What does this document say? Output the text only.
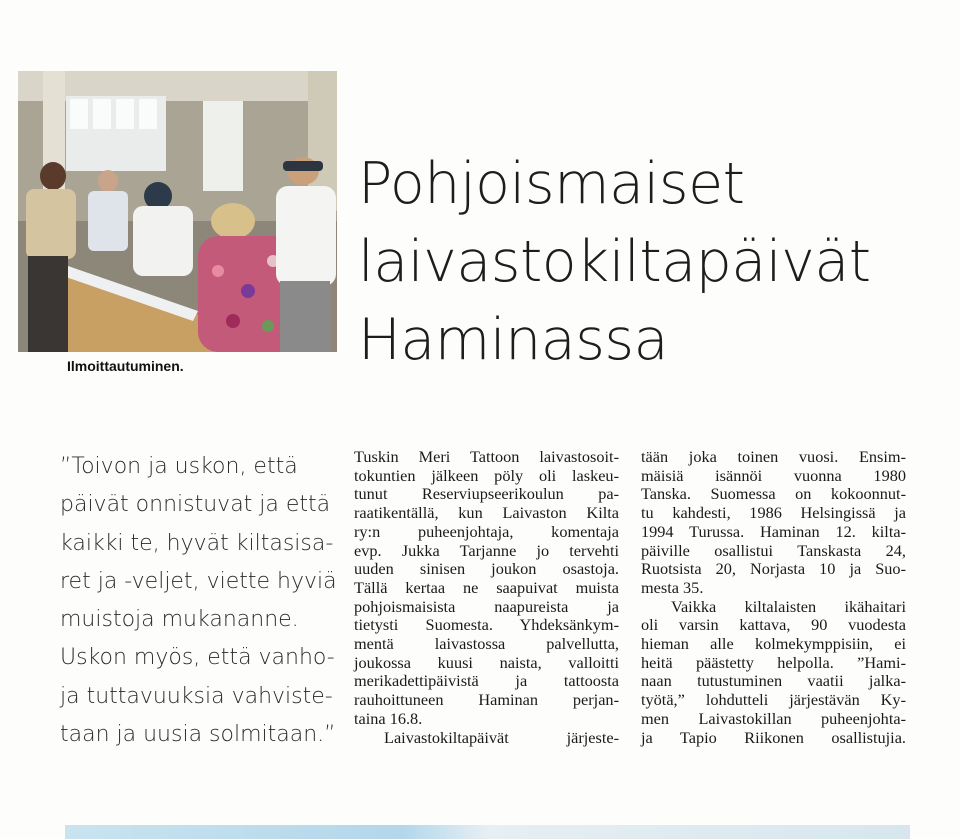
Ilmoittautuminen.
Pohjoismaiset
laivastokiltapäivät
Haminassa
”Toivon ja uskon, että
päivät onnistuvat ja että
kaikki te, hyvät kiltasisa-
ret ja -veljet, viette hyviä
muistoja mukananne.
Uskon myös, että vanho-
ja tuttavuuksia vahviste-
taan ja uusia solmitaan.”
Tuskin Meri Tattoon laivastosoit-
tokuntien jälkeen pöly oli laskeu-
tunut Reserviupseerikoulun pa-
raatikentällä, kun Laivaston Kilta
ry:n puheenjohtaja, komentaja
evp. Jukka Tarjanne jo tervehti
uuden sinisen joukon osastoja.
Tällä kertaa ne saapuivat muista
pohjoismaisista naapureista ja
tietysti Suomesta. Yhdeksänkym-
mentä laivastossa palvellutta,
joukossa kuusi naista, valloitti
merikadettipäivistä ja tattoosta
rauhoittuneen Haminan perjan-
taina 16.8.
Laivastokiltapäivät järjeste-
tään joka toinen vuosi. Ensim-
mäisiä isännöi vuonna 1980
Tanska. Suomessa on kokoonnut-
tu kahdesti, 1986 Helsingissä ja
1994 Turussa. Haminan 12. kilta-
päiville osallistui Tanskasta 24,
Ruotsista 20, Norjasta 10 ja Suo-
mesta 35.
Vaikka kiltalaisten ikähaitari
oli varsin kattava, 90 vuodesta
hieman alle kolmekymppisiin, ei
heitä päästetty helpolla. ”Hami-
naan tutustuminen vaatii jalka-
työtä,” lohdutteli järjestävän Ky-
men Laivastokillan puheenjohta-
ja Tapio Riikonen osallistujia.
